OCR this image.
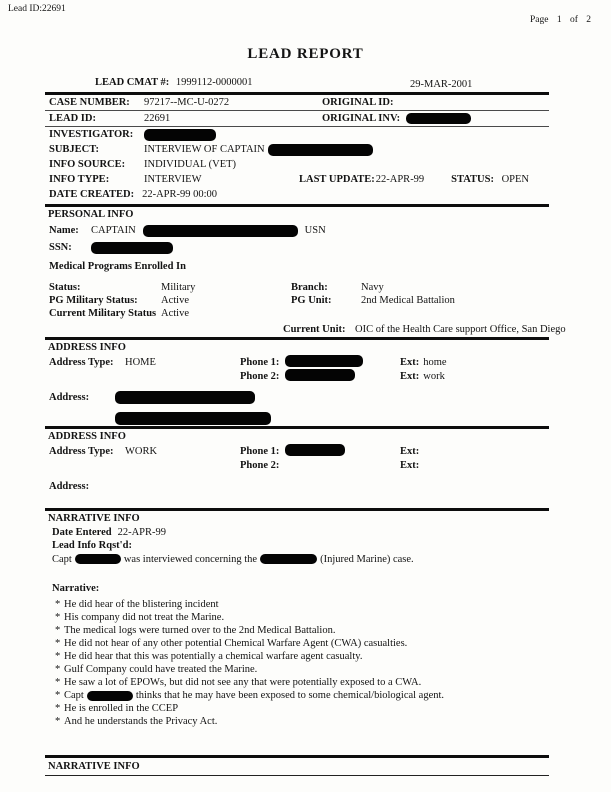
Lead ID:22691
Page 1 of 2
LEAD REPORT
LEAD CMAT #: 1999112-0000001	29-MAR-2001
CASE NUMBER:	97217--MC-U-0272	ORIGINAL ID:
LEAD ID:	22691	ORIGINAL INV:
INVESTIGATOR:
SUBJECT:	INTERVIEW OF CAPTAIN
INFO SOURCE:	INDIVIDUAL (VET)
INFO TYPE:	INTERVIEW	LAST UPDATE: 22-APR-99	STATUS: OPEN
DATE CREATED: 22-APR-99 00:00
PERSONAL INFO
Name:	CAPTAIN	USN
SSN:
Medical Programs Enrolled In
Status:	Military	Branch:	Navy
PG Military Status:	Active	PG Unit:	2nd Medical Battalion
Current Military Status Active
Current Unit: OIC of the Health Care support Office, San Diego
ADDRESS INFO
Address Type:	HOME	Phone 1:	Ext: home
Phone 2:	Ext: work
Address:
ADDRESS INFO
Address Type:	WORK	Phone 1:	Ext:
Phone 2:	Ext:
Address:
NARRATIVE INFO
Date Entered 22-APR-99
Lead Info Rqst'd:
Capt	was interviewed concerning the	(Injured Marine) case.
Narrative:
* He did hear of the blistering incident
* His company did not treat the Marine.
* The medical logs were turned over to the 2nd Medical Battalion.
* He did not hear of any other potential Chemical Warfare Agent (CWA) casualties.
* He did hear that this was potentially a chemical warfare agent casualty.
* Gulf Company could have treated the Marine.
* He saw a lot of EPOWs, but did not see any that were potentially exposed to a CWA.
* Capt	thinks that he may have been exposed to some chemical/biological agent.
* He is enrolled in the CCEP
* And he understands the Privacy Act.
NARRATIVE INFO
